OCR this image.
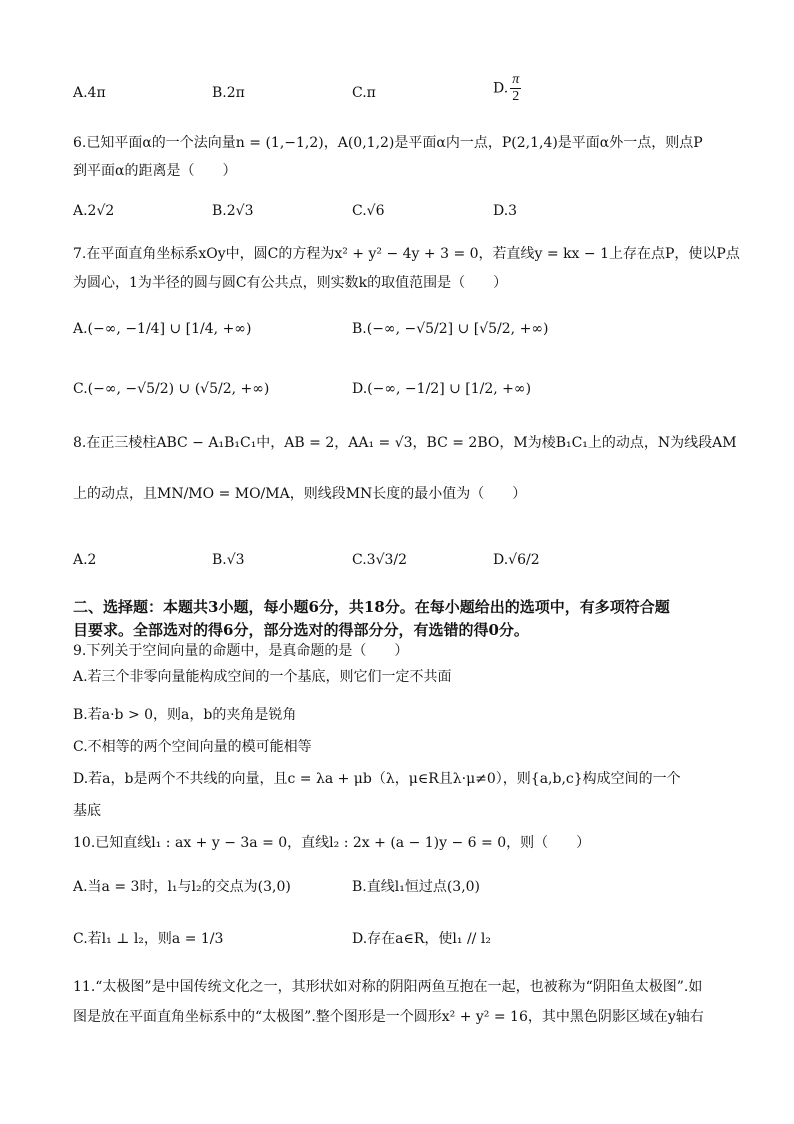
A.4π	B.2π	C.π	D. $\frac{\pi}{2}$
6.已知平面α的一个法向量n = (1,−1,2)，A(0,1,2)是平面α内一点，P(2,1,4)是平面α外一点，则点P
到平面α的距离是（　　）
A.2√2	B.2√3	C.√6	D.3
7.在平面直角坐标系xOy中，圆C的方程为x² + y² − 4y + 3 = 0，若直线y = kx − 1上存在点P，使以P点
为圆心，1为半径的圆与圆C有公共点，则实数k的取值范围是（　　）
A.(−∞, −1/4] ∪ [1/4, +∞)	B.(−∞, −√5/2] ∪ [√5/2, +∞)
C.(−∞, −√5/2) ∪ (√5/2, +∞)	D.(−∞, −1/2] ∪ [1/2, +∞)
8.在正三棱柱ABC − A₁B₁C₁中，AB = 2，AA₁ = √3，BC = 2BO，M为棱B₁C₁上的动点，N为线段AM
上的动点，且MN/MO = MO/MA，则线段MN长度的最小值为（　　）
A.2	B.√3	C.3√3/2	D.√6/2
二、选择题：本题共3小题，每小题6分，共18分。在每小题给出的选项中，有多项符合题
目要求。全部选对的得6分，部分选对的得部分分，有选错的得0分。
9.下列关于空间向量的命题中，是真命题的是（　　）
A.若三个非零向量能构成空间的一个基底，则它们一定不共面
B.若a·b > 0，则a，b的夹角是锐角
C.不相等的两个空间向量的模可能相等
D.若a，b是两个不共线的向量，且c = λa + μb（λ，μ∈R且λ·μ≠0），则{a,b,c}构成空间的一个
基底
10.已知直线l₁ : ax + y − 3a = 0，直线l₂ : 2x + (a − 1)y − 6 = 0，则（　　）
A.当a = 3时，l₁与l₂的交点为(3,0)	B.直线l₁恒过点(3,0)
C.若l₁ ⊥ l₂，则a = 1/3	D.存在a∈R，使l₁ // l₂
11.“太极图”是中国传统文化之一，其形状如对称的阴阳两鱼互抱在一起，也被称为“阴阳鱼太极图”.如
图是放在平面直角坐标系中的“太极图”.整个图形是一个圆形x² + y² = 16，其中黑色阴影区域在y轴右
